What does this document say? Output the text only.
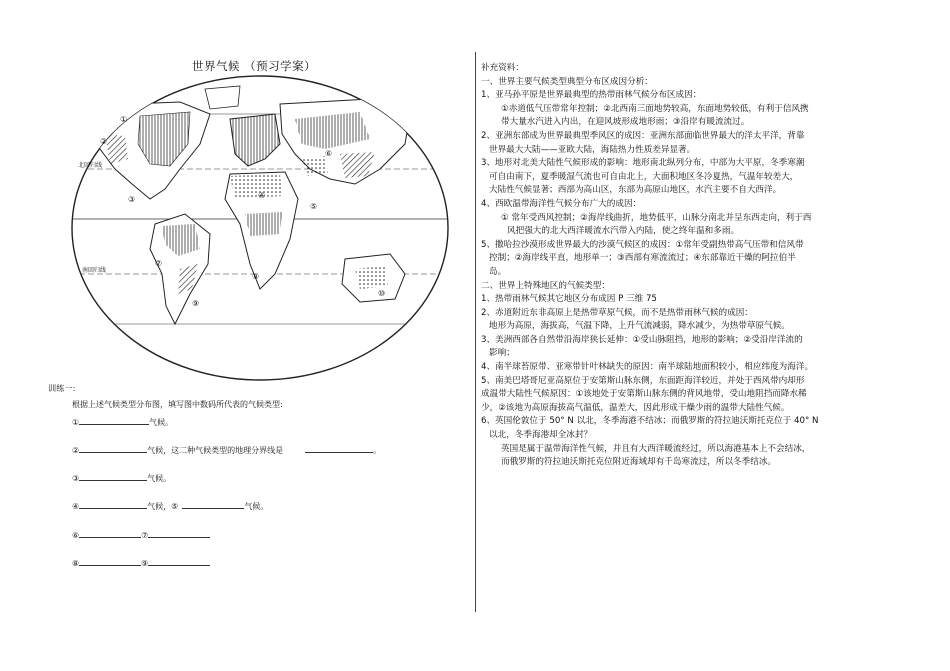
世界气候 （预习学案）
①
②
③	④
⑤
⑥
⑦
⑧
⑨
⑩
北回归线
南回归线
训练一:
根据上述气候类型分布图，填写图中数码所代表的气候类型:
①	气候。
②	气候，这二种气候类型的地理分界线是	。
③	气候。
④	气候，⑤	气候。
⑥	⑦
⑧	⑨

补充资料：

一、世界主要气候类型典型分布区成因分析：

1、亚马孙平原是世界最典型的热带雨林气候分布区成因：

①赤道低气压带常年控制；②北西南三面地势较高，东面地势较低，有利于信风携

带大量水汽进入内出，在迎风坡形成地形雨；③沿岸有暖流流过。

2、亚洲东部成为世界最典型季风区的成因：亚洲东部面临世界最大的洋太平洋，背靠

世界最大大陆——亚欧大陆，海陆热力性质差异显著。

3、地形对北美大陆性气候形成的影响：地形南北纵列分布，中部为大平原，冬季寒潮

可自由南下，夏季暖湿气流也可自由北上，大面积地区冬冷夏热，气温年较差大，

大陆性气候显著；西部为高山区，东部为高原山地区，水汽主要不自大西洋。

4、西欧温带海洋性气候分布广大的成因：

① 常年受西风控制；②海岸线曲折，地势低平，山脉分南北并呈东西走向，利于西

风把强大的北大西洋暖流水汽带入内陆，使之终年温和多雨。

5、撒哈拉沙漠形成世界最大的沙漠气候区的成因：①常年受副热带高气压带和信风带

控制；②海岸线平直，地形单一；③西部有寒流流过；④东部靠近干燥的阿拉伯半

岛。

二、世界上特殊地区的气候类型：

1、热带雨林气候其它地区分布成因 P 三维 75

2、赤道附近东非高原上是热带草原气候，而不是热带雨林气候的成因：

地形为高原，海拔高，气温下降，上升气流减弱，降水减少，为热带草原气候。

3、美洲西部各自然带沿海岸狭长延伸：①受山脉阻挡，地形的影响；②受沿岸洋流的

影响；

4、南半球苔原带、亚寒带针叶林缺失的原因：南半球陆地面积较小，相应纬度为海洋。

5、南美巴塔哥尼亚高原位于安第斯山脉东侧，东面距海洋较近，并处于西风带内却形

成温带大陆性气候原因：①该地处于安第斯山脉东侧的背风地带，受山地阻挡而降水稀

少，②该地为高原海拔高气温低，温差大，因此形成干燥少雨的温带大陆性气候。

6、英国伦敦位于 50° N 以北，冬季海港不结冰；而俄罗斯的符拉迪沃斯托克位于 40° N

以北，冬季海港却全冰封？

英国是属于温带海洋性气候，并且有大西洋暖流经过，所以海港基本上不会结冰，

而俄罗斯的符拉迪沃斯托克位附近海域却有千岛寒流过，所以冬季结冰。
